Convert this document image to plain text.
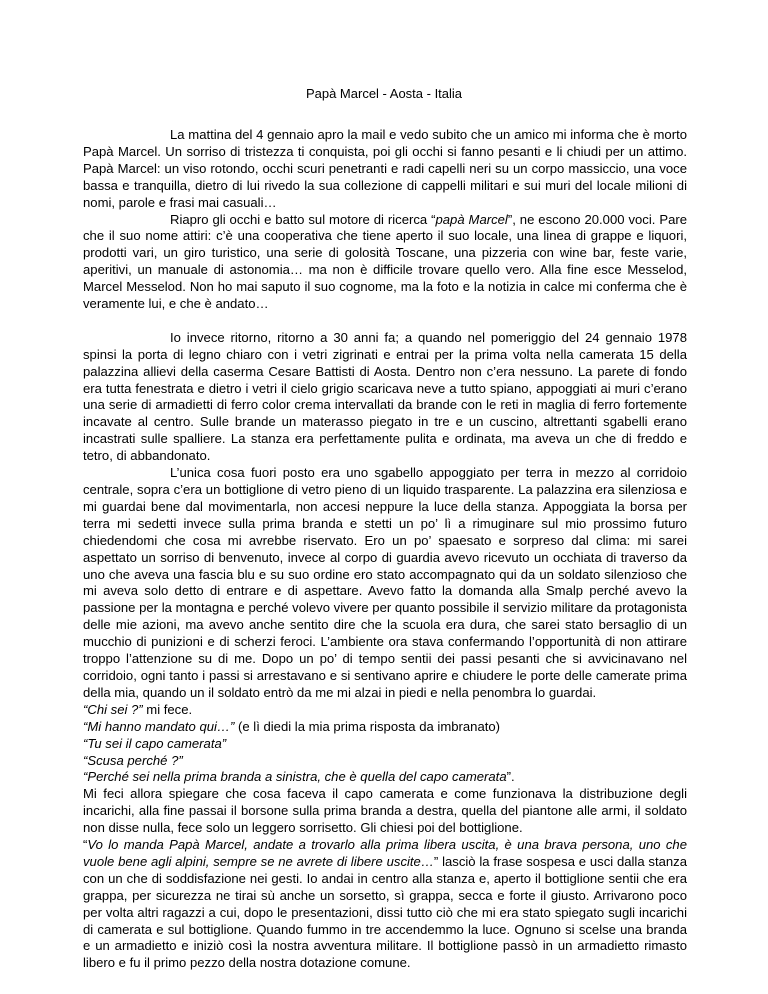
Papà Marcel - Aosta - Italia

La mattina del 4 gennaio apro la mail e vedo subito che un amico mi informa che è morto Papà Marcel. Un sorriso di tristezza ti conquista, poi gli occhi si fanno pesanti e li chiudi per un attimo. Papà Marcel: un viso rotondo, occhi scuri penetranti e radi capelli neri su un corpo massiccio, una voce bassa e tranquilla, dietro di lui rivedo la sua collezione di cappelli militari e sui muri del locale milioni di nomi, parole e frasi mai casuali…

Riapro gli occhi e batto sul motore di ricerca “papà Marcel”, ne escono 20.000 voci. Pare che il suo nome attiri: c’è una cooperativa che tiene aperto il suo locale, una linea di grappe e liquori, prodotti vari, un giro turistico, una serie di golosità Toscane, una pizzeria con wine bar, feste varie, aperitivi, un manuale di astonomia… ma non è difficile trovare quello vero. Alla fine esce Messelod, Marcel Messelod. Non ho mai saputo il suo cognome, ma la foto e la notizia in calce mi conferma che è veramente lui, e che è andato…

Io invece ritorno, ritorno a 30 anni fa; a quando nel pomeriggio del 24 gennaio 1978 spinsi la porta di legno chiaro con i vetri zigrinati e entrai per la prima volta nella camerata 15 della palazzina allievi della caserma Cesare Battisti di Aosta. Dentro non c’era nessuno. La parete di fondo era tutta fenestrata e dietro i vetri il cielo grigio scaricava neve a tutto spiano, appoggiati ai muri c’erano una serie di armadietti di ferro color crema intervallati da brande con le reti in maglia di ferro fortemente incavate al centro. Sulle brande un materasso piegato in tre e un cuscino, altrettanti sgabelli erano incastrati sulle spalliere. La stanza era perfettamente pulita e ordinata, ma aveva un che di freddo e tetro, di abbandonato.

L’unica cosa fuori posto era uno sgabello appoggiato per terra in mezzo al corridoio centrale, sopra c’era un bottiglione di vetro pieno di un liquido trasparente. La palazzina era silenziosa e mi guardai bene dal movimentarla, non accesi neppure la luce della stanza. Appoggiata la borsa per terra mi sedetti invece sulla prima branda e stetti un po’ lì a rimuginare sul mio prossimo futuro chiedendomi che cosa mi avrebbe riservato. Ero un po’ spaesato e sorpreso dal clima: mi sarei aspettato un sorriso di benvenuto, invece al corpo di guardia avevo ricevuto un occhiata di traverso da uno che aveva una fascia blu e su suo ordine ero stato accompagnato qui da un soldato silenzioso che mi aveva solo detto di entrare e di aspettare. Avevo fatto la domanda alla Smalp perché avevo la passione per la montagna e perché volevo vivere per quanto possibile il servizio militare da protagonista delle mie azioni, ma avevo anche sentito dire che la scuola era dura, che sarei stato bersaglio di un mucchio di punizioni e di scherzi feroci. L’ambiente ora stava confermando l’opportunità di non attirare troppo l’attenzione su di me. Dopo un po’ di tempo sentii dei passi pesanti che si avvicinavano nel corridoio, ogni tanto i passi si arrestavano e si sentivano aprire e chiudere le porte delle camerate prima della mia, quando un il soldato entrò da me mi alzai in piedi e nella penombra lo guardai.

“Chi sei ?” mi fece.

“Mi hanno mandato qui…” (e lì diedi la mia prima risposta da imbranato)

“Tu sei il capo camerata”

“Scusa perché ?”

“Perché sei nella prima branda a sinistra, che è quella del capo camerata”.

Mi feci allora spiegare che cosa faceva il capo camerata e come funzionava la distribuzione degli incarichi, alla fine passai il borsone sulla prima branda a destra, quella del piantone alle armi, il soldato non disse nulla, fece solo un leggero sorrisetto. Gli chiesi poi del bottiglione.

“Vo lo manda Papà Marcel, andate a trovarlo alla prima libera uscita, è una brava persona, uno che vuole bene agli alpini, sempre se ne avrete di libere uscite…” lasciò la frase sospesa e usci dalla stanza con un che di soddisfazione nei gesti. Io andai in centro alla stanza e, aperto il bottiglione sentii che era grappa, per sicurezza ne tirai sù anche un sorsetto, sì grappa, secca e forte il giusto. Arrivarono poco per volta altri ragazzi a cui, dopo le presentazioni, dissi tutto ciò che mi era stato spiegato sugli incarichi di camerata e sul bottiglione. Quando fummo in tre accendemmo la luce. Ognuno si scelse una branda e un armadietto e iniziò così la nostra avventura militare. Il bottiglione passò in un armadietto rimasto libero e fu il primo pezzo della nostra dotazione comune.
